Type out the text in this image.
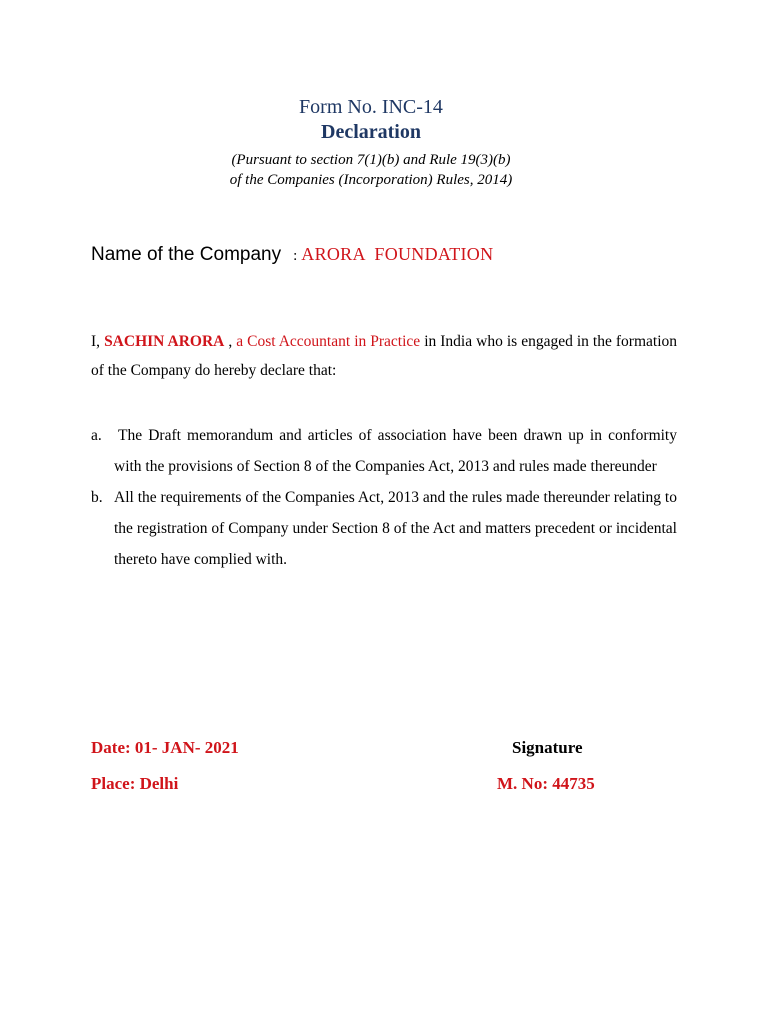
Form No. INC-14
Declaration
(Pursuant to section 7(1)(b) and Rule 19(3)(b)
of the Companies (Incorporation) Rules, 2014)
Name of the Company : ARORA  FOUNDATION
I, SACHIN ARORA , a Cost Accountant in Practice in India who is engaged in the formation of the Company do hereby declare that:
a. The Draft memorandum and articles of association have been drawn up in conformity with the provisions of Section 8 of the Companies Act, 2013 and rules made thereunder
b. All the requirements of the Companies Act, 2013 and the rules made thereunder relating to the registration of Company under Section 8 of the Act and matters precedent or incidental thereto have complied with.
Date: 01- JAN- 2021
Place: Delhi
Signature
M. No: 44735
